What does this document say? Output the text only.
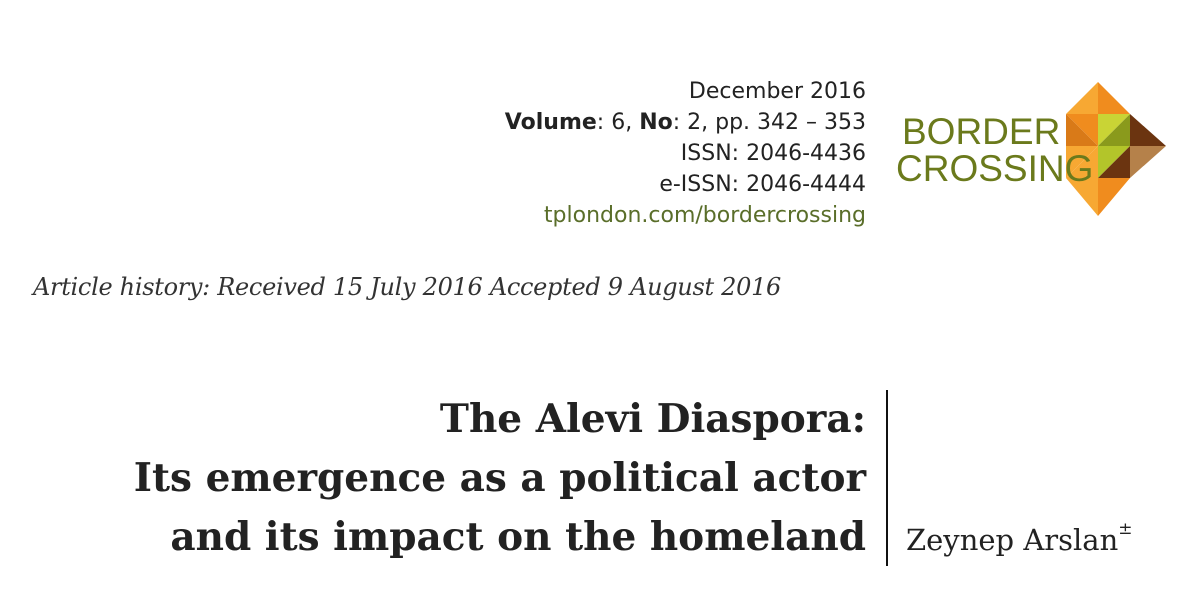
December 2016
Volume: 6, No: 2, pp. 342 – 353
ISSN: 2046-4436
e-ISSN: 2046-4444
tplondon.com/bordercrossing
BORDER
CROSSING
Article history: Received 15 July 2016 Accepted 9 August 2016
The Alevi Diaspora:
Its emergence as a political actor
and its impact on the homeland Zeynep Arslan±
